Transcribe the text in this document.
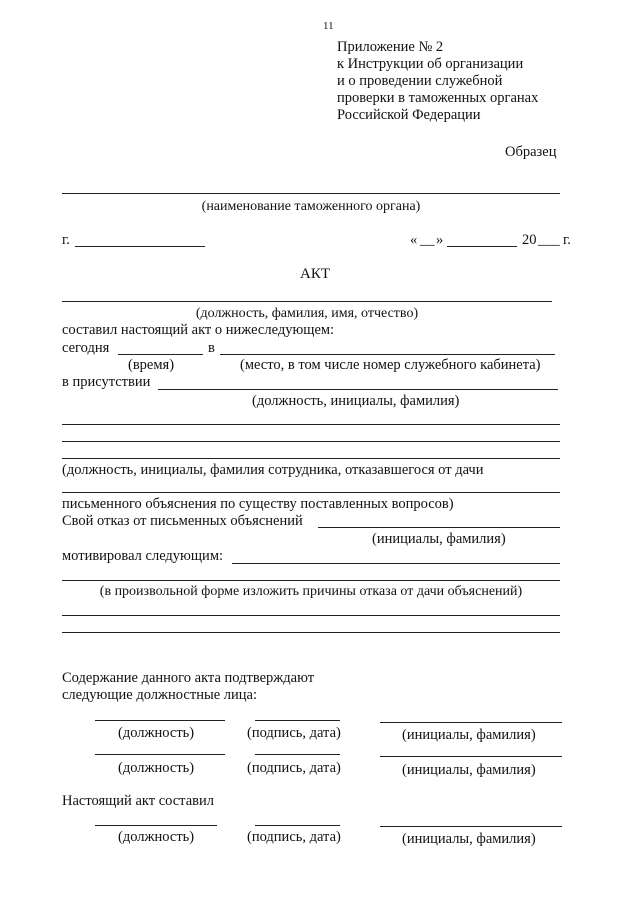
11
Приложение № 2
к Инструкции об организации
и о проведении служебной
проверки в таможенных органах
Российской Федерации
Образец
(наименование таможенного органа)
г.	« __ »	20 ___ г.
АКТ
(должность, фамилия, имя, отчество)
составил настоящий акт о нижеследующем:
сегодня	в
(время)	(место, в том числе номер служебного кабинета)
в присутствии
(должность, инициалы, фамилия)
(должность, инициалы, фамилия сотрудника, отказавшегося от дачи
письменного объяснения по существу поставленных вопросов)
Свой отказ от письменных объяснений
(инициалы, фамилия)
мотивировал следующим:
(в произвольной форме изложить причины отказа от дачи объяснений)
Содержание данного акта подтверждают
следующие должностные лица:
(должность)	(подпись, дата)	(инициалы, фамилия)
(должность)	(подпись, дата)	(инициалы, фамилия)
Настоящий акт составил
(должность)	(подпись, дата)	(инициалы, фамилия)
